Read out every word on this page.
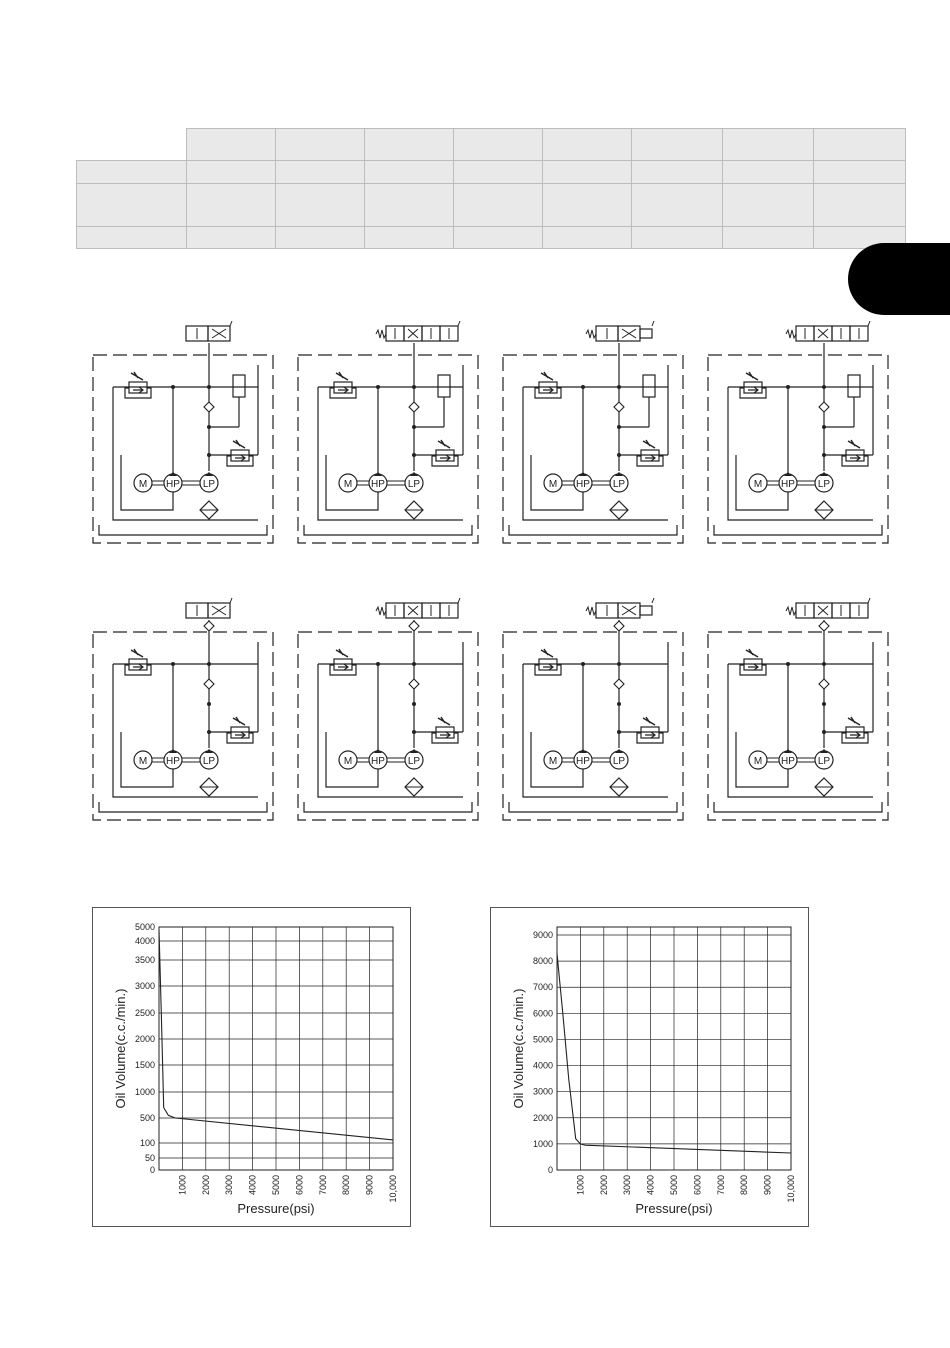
M HP LP	M HP LP	M HP LP	M HP LP
M HP LP	M HP LP	M HP LP	M HP LP
0
50
100
500
1000
1500
2000
2500
3000
3500
4000
5000
1000 2000 3000 4000 5000 6000 7000 8000 9000 10,000
Pressure(psi)
Oil Volume(c.c./min.)
0
1000
2000
3000
4000
5000
6000
7000
8000
9000
1000 2000 3000 4000 5000 6000 7000 8000 9000 10,000
Pressure(psi)
Oil Volume(c.c./min.)
